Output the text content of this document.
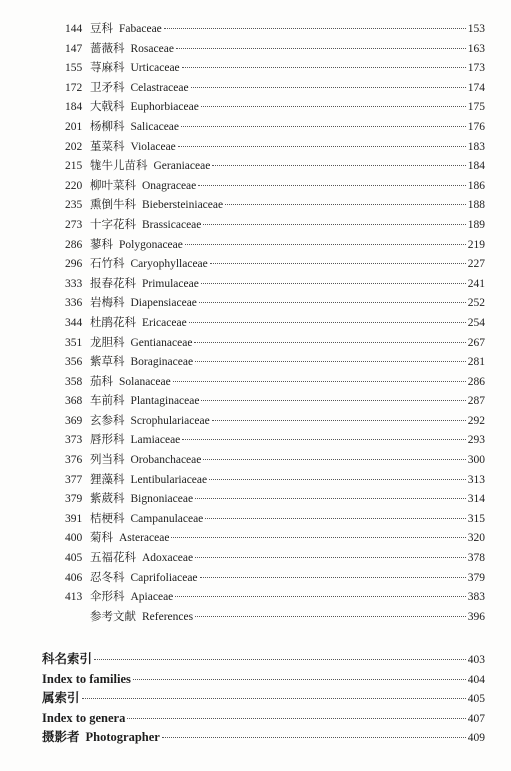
144 豆科 Fabaceae	153
147 蔷薇科 Rosaceae	163
155 荨麻科 Urticaceae	173
172 卫矛科 Celastraceae	174
184 大戟科 Euphorbiaceae	175
201 杨柳科 Salicaceae	176
202 堇菜科 Violaceae	183
215 牻牛儿苗科 Geraniaceae	184
220 柳叶菜科 Onagraceae	186
235 熏倒牛科 Biebersteiniaceae	188
273 十字花科 Brassicaceae	189
286 蓼科 Polygonaceae	219
296 石竹科 Caryophyllaceae	227
333 报春花科 Primulaceae	241
336 岩梅科 Diapensiaceae	252
344 杜鹃花科 Ericaceae	254
351 龙胆科 Gentianaceae	267
356 紫草科 Boraginaceae	281
358 茄科 Solanaceae	286
368 车前科 Plantaginaceae	287
369 玄参科 Scrophulariaceae	292
373 唇形科 Lamiaceae	293
376 列当科 Orobanchaceae	300
377 狸藻科 Lentibulariaceae	313
379 紫葳科 Bignoniaceae	314
391 桔梗科 Campanulaceae	315
400 菊科 Asteraceae	320
405 五福花科 Adoxaceae	378
406 忍冬科 Caprifoliaceae	379
413 伞形科 Apiaceae	383
参考文献 References	396
科名索引	403
Index to families	404
属索引	405
Index to genera	407
摄影者 Photographer	409
